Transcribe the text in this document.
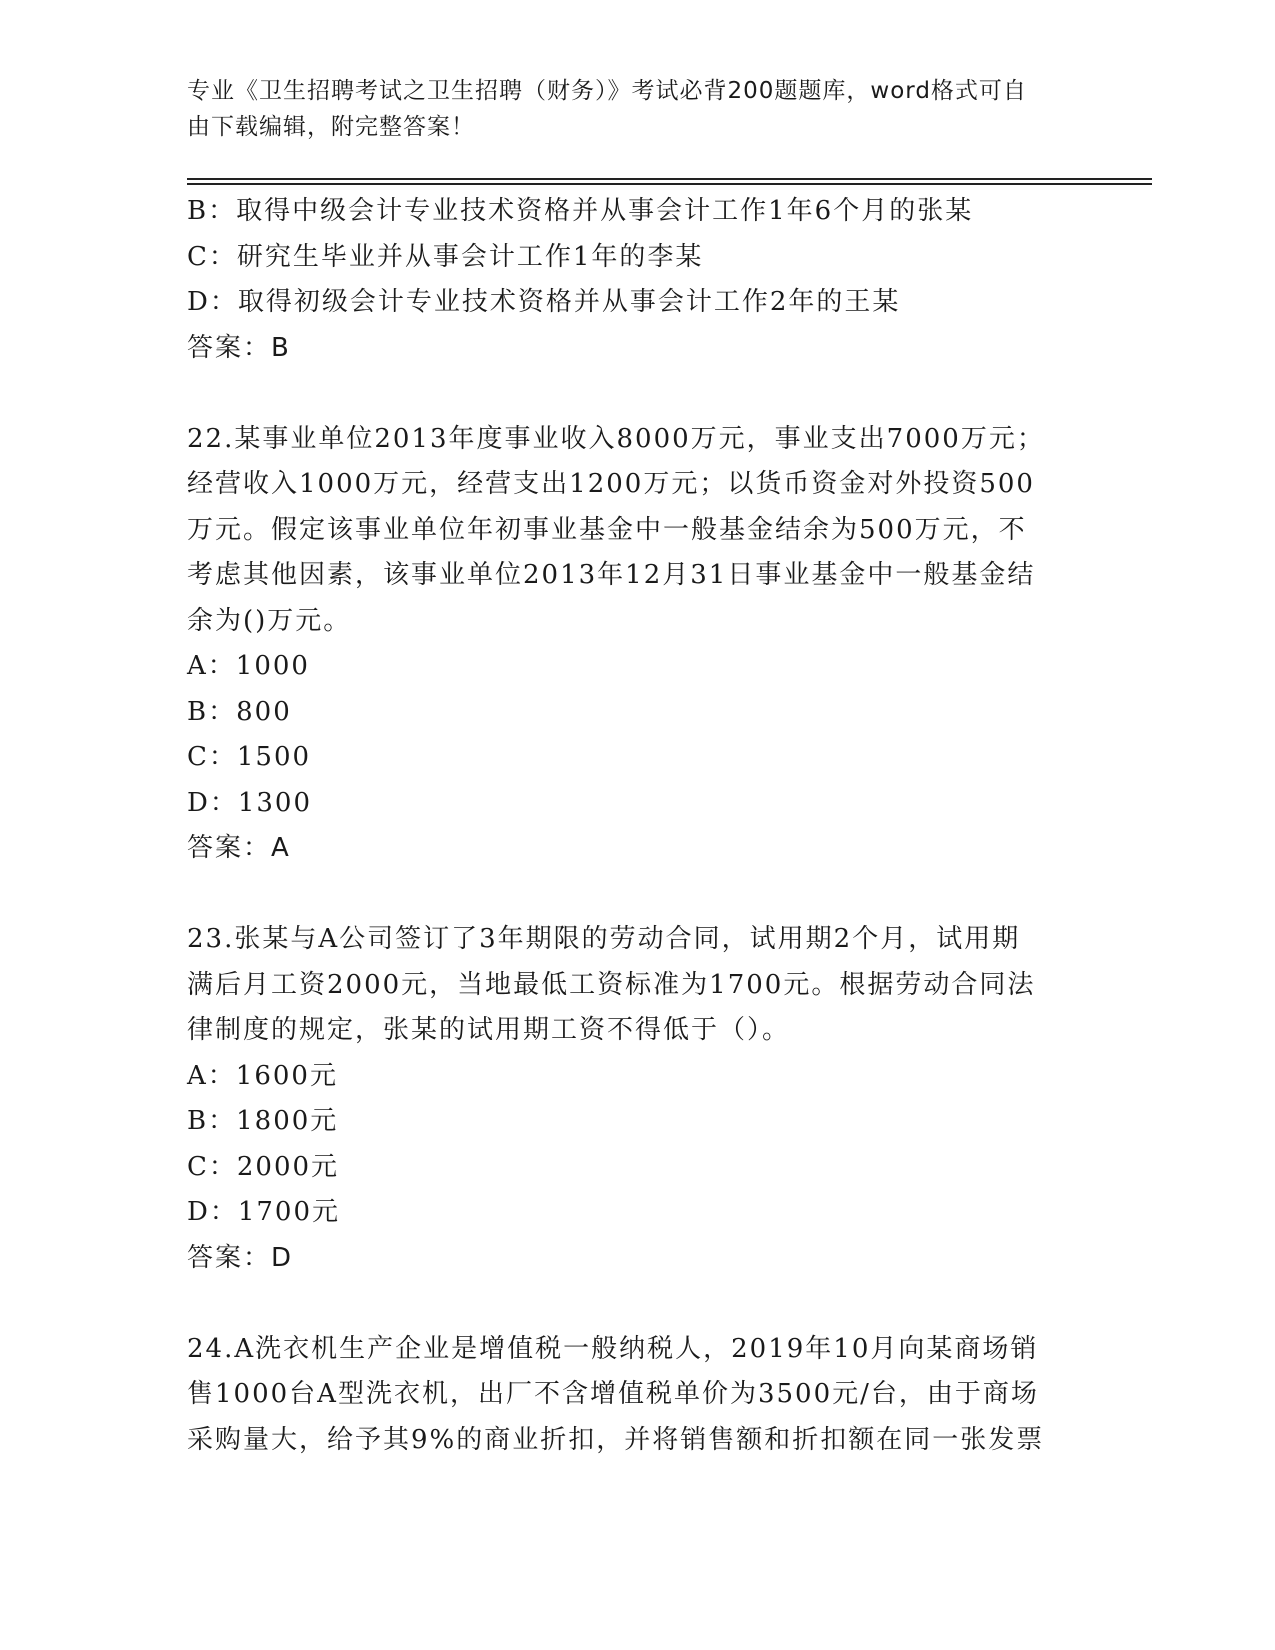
专业《卫生招聘考试之卫生招聘（财务）》考试必背200题题库，word格式可自
由下载编辑，附完整答案！
B：取得中级会计专业技术资格并从事会计工作1年6个月的张某
C：研究生毕业并从事会计工作1年的李某
D：取得初级会计专业技术资格并从事会计工作2年的王某
答案：B
22.某事业单位2013年度事业收入8000万元，事业支出7000万元；
经营收入1000万元，经营支出1200万元；以货币资金对外投资500
万元。假定该事业单位年初事业基金中一般基金结余为500万元，不
考虑其他因素，该事业单位2013年12月31日事业基金中一般基金结
余为()万元。
A：1000
B：800
C：1500
D：1300
答案：A
23.张某与A公司签订了3年期限的劳动合同，试用期2个月，试用期
满后月工资2000元，当地最低工资标准为1700元。根据劳动合同法
律制度的规定，张某的试用期工资不得低于（）。
A：1600元
B：1800元
C：2000元
D：1700元
答案：D
24.A洗衣机生产企业是增值税一般纳税人，2019年10月向某商场销
售1000台A型洗衣机，出厂不含增值税单价为3500元/台，由于商场
采购量大，给予其9%的商业折扣，并将销售额和折扣额在同一张发票
